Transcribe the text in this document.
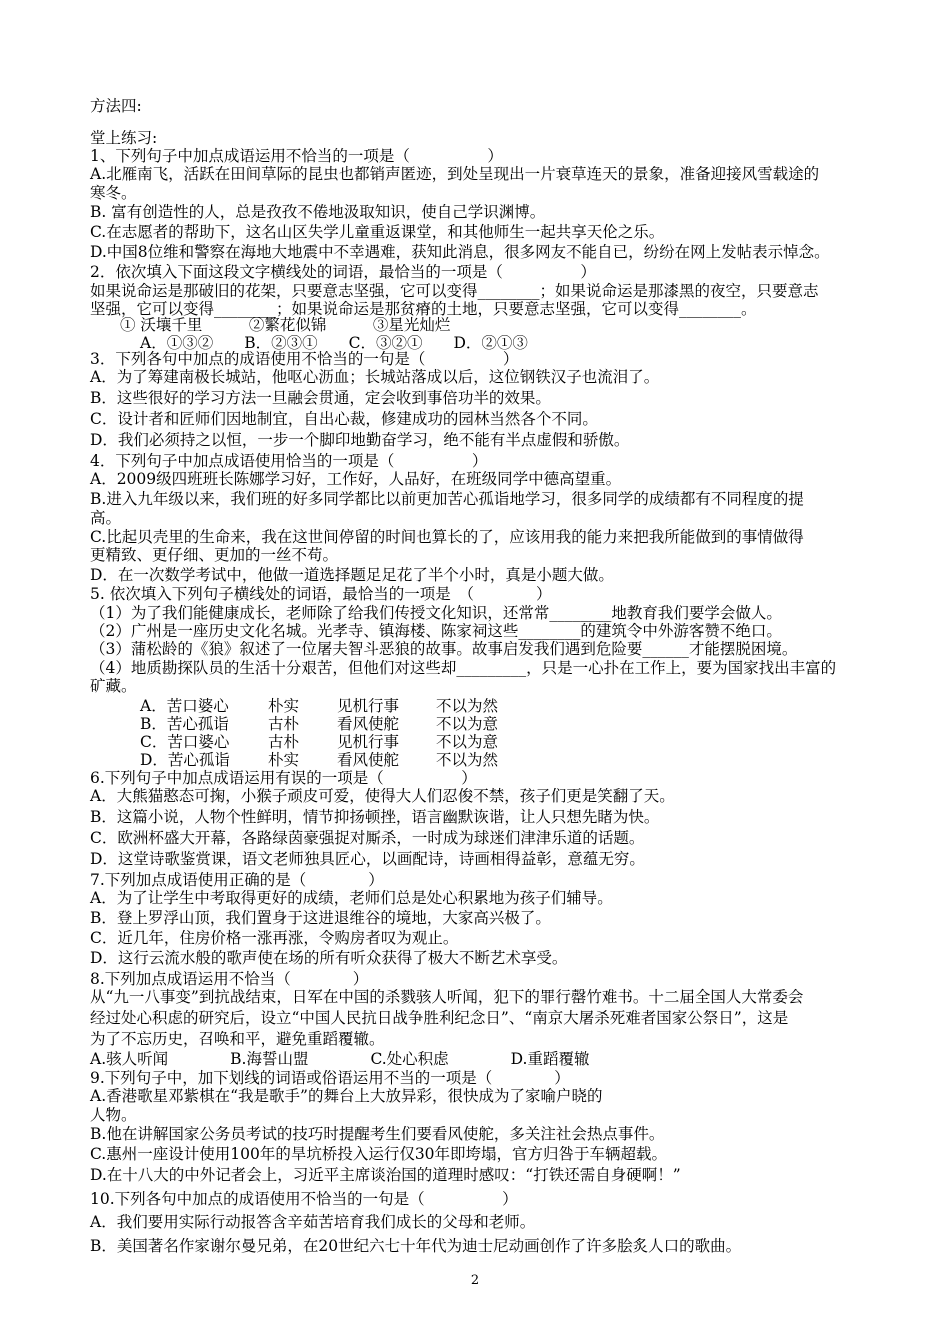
方法四:
堂上练习:
1、下列句子中加点成语运用不恰当的一项是（　　　　　）
A.北雁南飞，活跃在田间草际的昆虫也都销声匿迹，到处呈现出一片衰草连天的景象，准备迎接风雪载途的
寒冬。
B. 富有创造性的人，总是孜孜不倦地汲取知识，使自己学识渊博。
C.在志愿者的帮助下，这名山区失学儿童重返课堂，和其他师生一起共享天伦之乐。
D.中国8位维和警察在海地大地震中不幸遇难，获知此消息，很多网友不能自已，纷纷在网上发帖表示悼念。
2．依次填入下面这段文字横线处的词语，最恰当的一项是（　　　　　）
如果说命运是那破旧的花架，只要意志坚强，它可以变得________；如果说命运是那漆黑的夜空，只要意志
坚强，它可以变得________；如果说命运是那贫瘠的土地，只要意志坚强，它可以变得________。
① 沃壤千里　　　②繁花似锦　　　③星光灿烂
A．①③②　　B．②③①　　C．③②①　　D．②①③
3．下列各句中加点的成语使用不恰当的一句是（　　　　　）
A．为了筹建南极长城站，他呕心沥血；长城站落成以后，这位钢铁汉子也流泪了。
B．这些很好的学习方法一旦融会贯通，定会收到事倍功半的效果。
C．设计者和匠师们因地制宜，自出心裁，修建成功的园林当然各个不同。
D．我们必须持之以恒，一步一个脚印地勤奋学习，绝不能有半点虚假和骄傲。
4．下列句子中加点成语使用恰当的一项是（　　　　　）
A．2009级四班班长陈娜学习好，工作好，人品好，在班级同学中德高望重。
B.进入九年级以来，我们班的好多同学都比以前更加苦心孤诣地学习，很多同学的成绩都有不同程度的提
高。
C.比起贝壳里的生命来，我在这世间停留的时间也算长的了，应该用我的能力来把我所能做到的事情做得
更精致、更仔细、更加的一丝不苟。
D．在一次数学考试中，他做一道选择题足足花了半个小时，真是小题大做。
5. 依次填入下列句子横线处的词语，最恰当的一项是　（　　　　）
（1）为了我们能健康成长，老师除了给我们传授文化知识，还常常________地教育我们要学会做人。
（2）广州是一座历史文化名城。光孝寺、镇海楼、陈家祠这些________的建筑令中外游客赞不绝口。
（3）蒲松龄的《狼》叙述了一位屠夫智斗恶狼的故事。故事启发我们遇到危险要______才能摆脱困境。
（4）地质勘探队员的生活十分艰苦，但他们对这些却_________，只是一心扑在工作上，要为国家找出丰富的
矿藏。
A．苦口婆心	朴实 见机行事 不以为然
B．苦心孤诣	古朴 看风使舵 不以为意
C．苦口婆心 古朴 见机行事 不以为意
D．苦心孤诣 朴实 看风使舵 不以为然
6.下列句子中加点成语运用有误的一项是（　　　　　）
A．大熊猫憨态可掬，小猴子顽皮可爱，使得大人们忍俊不禁，孩子们更是笑翻了天。
B．这篇小说，人物个性鲜明，情节抑扬顿挫，语言幽默诙谐，让人只想先睹为快。
C．欧洲杯盛大开幕，各路绿茵豪强捉对厮杀，一时成为球迷们津津乐道的话题。
D．这堂诗歌鉴赏课，语文老师独具匠心，以画配诗，诗画相得益彰，意蕴无穷。
7.下列加点成语使用正确的是（　　　　）
A．为了让学生中考取得更好的成绩，老师们总是处心积累地为孩子们辅导。
B．登上罗浮山顶，我们置身于这进退维谷的境地，大家高兴极了。
C．近几年，住房价格一涨再涨，令购房者叹为观止。
D．这行云流水般的歌声使在场的所有听众获得了极大不断艺术享受。
8.下列加点成语运用不恰当（　　　　）
从“九一八事变”到抗战结束，日军在中国的杀戮骇人听闻，犯下的罪行罄竹难书。十二届全国人大常委会
经过处心积虑的研究后，设立“中国人民抗日战争胜利纪念日”、“南京大屠杀死难者国家公祭日”，这是
为了不忘历史，召唤和平，避免重蹈覆辙。
A.骇人听闻　　　　B.海誓山盟　　　　C.处心积虑　　　　D.重蹈覆辙
9.下列句子中，加下划线的词语或俗语运用不当的一项是（　　　　）
A.香港歌星邓紫棋在“我是歌手”的舞台上大放异彩，很快成为了家喻户晓的
人物。
B.他在讲解国家公务员考试的技巧时提醒考生们要看风使舵，多关注社会热点事件。
C.惠州一座设计使用100年的旱坑桥投入运行仅30年即垮塌，官方归咎于车辆超载。
D.在十八大的中外记者会上，习近平主席谈治国的道理时感叹：“打铁还需自身硬啊！”
10.下列各句中加点的成语使用不恰当的一句是（　　　　　）
A．我们要用实际行动报答含辛茹苦培育我们成长的父母和老师。
B．美国著名作家谢尔曼兄弟，在20世纪六七十年代为迪士尼动画创作了许多脍炙人口的歌曲。
2
